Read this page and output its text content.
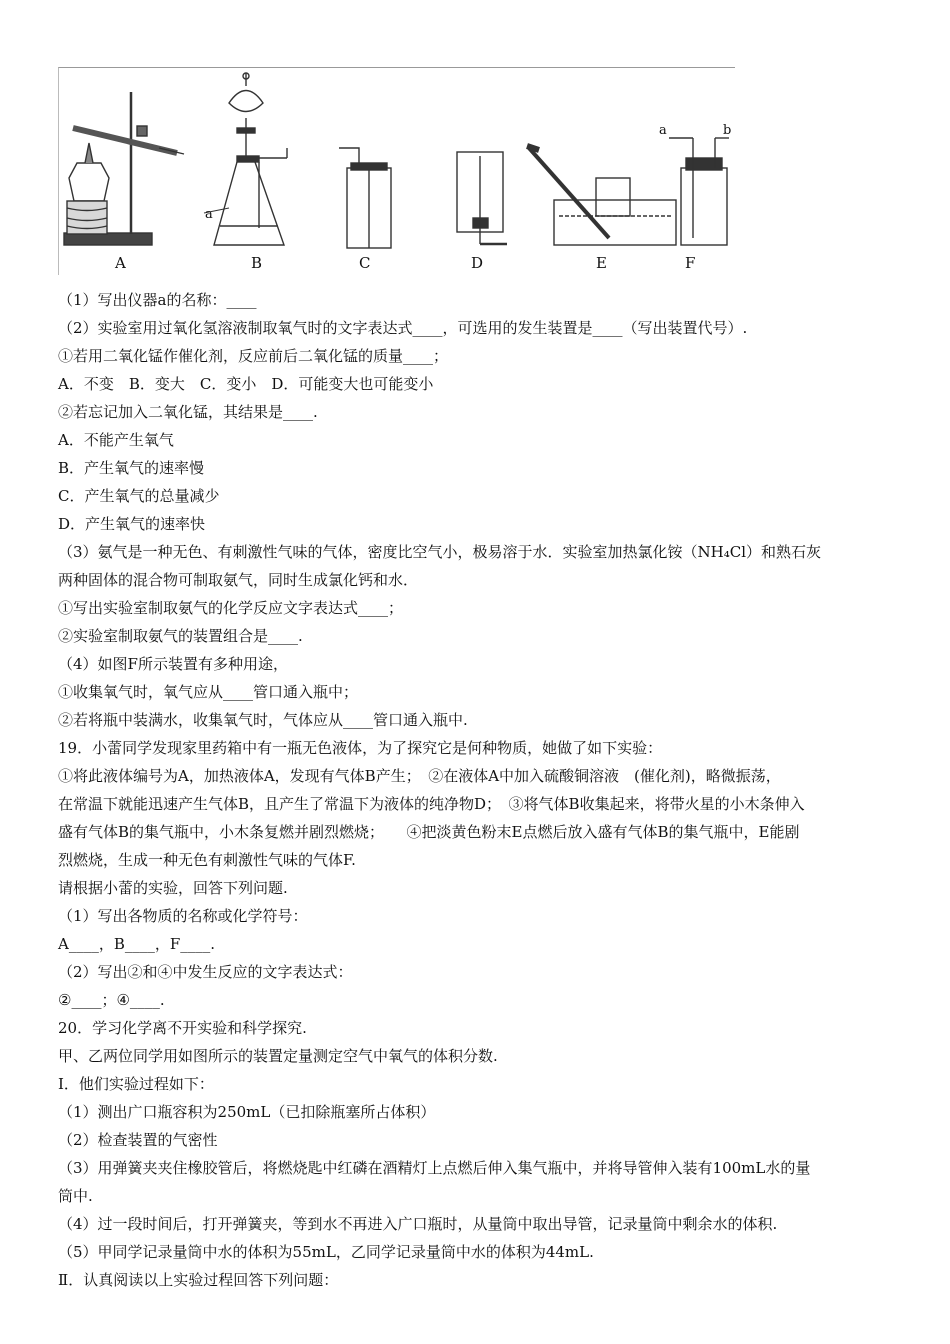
A	B	C	D	E	F
a
a	b
（1）写出仪器a的名称：____
（2）实验室用过氧化氢溶液制取氧气时的文字表达式____，可选用的发生装置是____（写出装置代号）.
①若用二氧化锰作催化剂，反应前后二氧化锰的质量____；
A．不变　B．变大　C．变小　D．可能变大也可能变小
②若忘记加入二氧化锰，其结果是____.
A．不能产生氧气
B．产生氧气的速率慢
C．产生氧气的总量减少
D．产生氧气的速率快
（3）氨气是一种无色、有刺激性气味的气体，密度比空气小，极易溶于水．实验室加热氯化铵（NH₄Cl）和熟石灰
两种固体的混合物可制取氨气，同时生成氯化钙和水．
①写出实验室制取氨气的化学反应文字表达式____；
②实验室制取氨气的装置组合是____.
（4）如图F所示装置有多种用途，
①收集氧气时，氧气应从____管口通入瓶中；
②若将瓶中装满水，收集氧气时，气体应从____管口通入瓶中.
19．小蕾同学发现家里药箱中有一瓶无色液体，为了探究它是何种物质，她做了如下实验：
①将此液体编号为A，加热液体A，发现有气体B产生；　②在液体A中加入硫酸铜溶液　(催化剂)，略微振荡，
在常温下就能迅速产生气体B，且产生了常温下为液体的纯净物D；　③将气体B收集起来，将带火星的小木条伸入
盛有气体B的集气瓶中，小木条复燃并剧烈燃烧；　　④把淡黄色粉末E点燃后放入盛有气体B的集气瓶中，E能剧
烈燃烧，生成一种无色有刺激性气味的气体F.
请根据小蕾的实验，回答下列问题.
（1）写出各物质的名称或化学符号：
A____，B____，F____.
（2）写出②和④中发生反应的文字表达式：
②____；④____.
20．学习化学离不开实验和科学探究.
甲、乙两位同学用如图所示的装置定量测定空气中氧气的体积分数.
I．他们实验过程如下：
（1）测出广口瓶容积为250mL（已扣除瓶塞所占体积）
（2）检查装置的气密性
（3）用弹簧夹夹住橡胶管后，将燃烧匙中红磷在酒精灯上点燃后伸入集气瓶中，并将导管伸入装有100mL水的量
筒中.
（4）过一段时间后，打开弹簧夹，等到水不再进入广口瓶时，从量筒中取出导管，记录量筒中剩余水的体积.
（5）甲同学记录量筒中水的体积为55mL，乙同学记录量筒中水的体积为44mL.
Ⅱ．认真阅读以上实验过程回答下列问题：
